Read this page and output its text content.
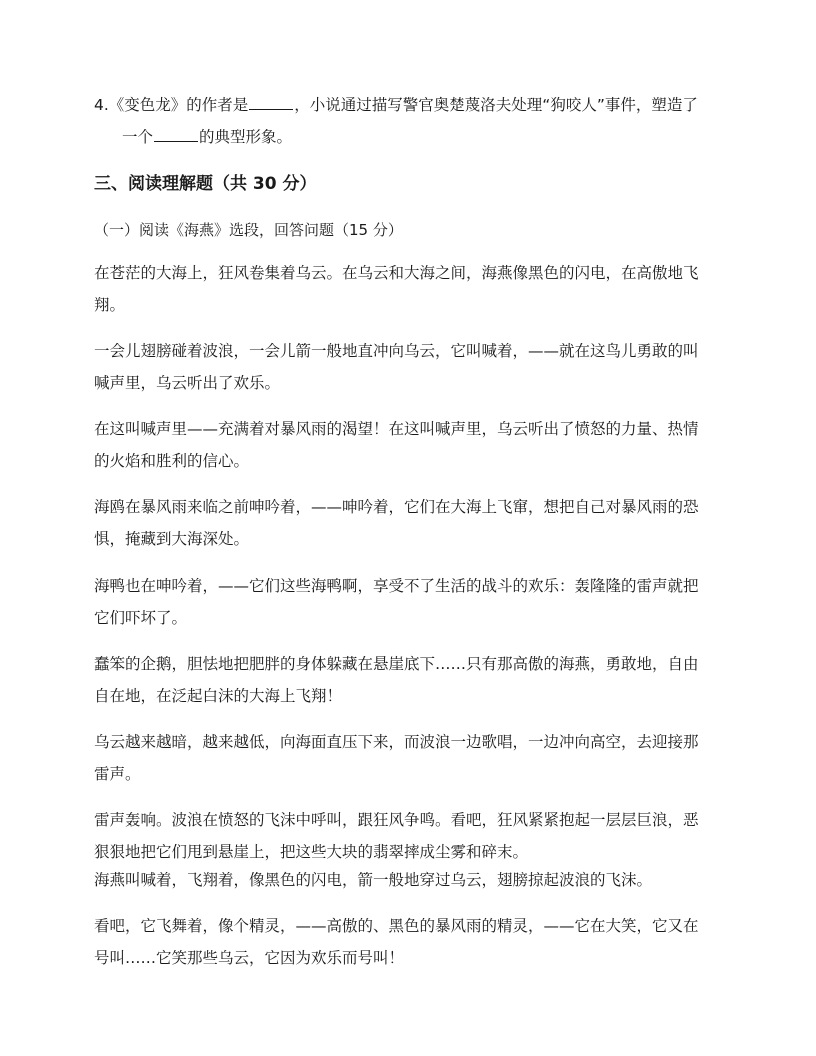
4.《变色龙》的作者是	，小说通过描写警官奥楚蔑洛夫处理“狗咬人”事件，塑造了
一个	的典型形象。
三、阅读理解题（共 30 分）
（一）阅读《海燕》选段，回答问题（15 分）
在苍茫的大海上，狂风卷集着乌云。在乌云和大海之间，海燕像黑色的闪电，在高傲地飞
翔。
一会儿翅膀碰着波浪，一会儿箭一般地直冲向乌云，它叫喊着，——就在这鸟儿勇敢的叫
喊声里，乌云听出了欢乐。
在这叫喊声里——充满着对暴风雨的渴望！在这叫喊声里，乌云听出了愤怒的力量、热情
的火焰和胜利的信心。
海鸥在暴风雨来临之前呻吟着，——呻吟着，它们在大海上飞窜，想把自己对暴风雨的恐
惧，掩藏到大海深处。
海鸭也在呻吟着，——它们这些海鸭啊，享受不了生活的战斗的欢乐：轰隆隆的雷声就把
它们吓坏了。
蠢笨的企鹅，胆怯地把肥胖的身体躲藏在悬崖底下……只有那高傲的海燕，勇敢地，自由
自在地，在泛起白沫的大海上飞翔！
乌云越来越暗，越来越低，向海面直压下来，而波浪一边歌唱，一边冲向高空，去迎接那
雷声。
雷声轰响。波浪在愤怒的飞沫中呼叫，跟狂风争鸣。看吧，狂风紧紧抱起一层层巨浪，恶
狠狠地把它们甩到悬崖上，把这些大块的翡翠摔成尘雾和碎末。
海燕叫喊着，飞翔着，像黑色的闪电，箭一般地穿过乌云，翅膀掠起波浪的飞沫。
看吧，它飞舞着，像个精灵，——高傲的、黑色的暴风雨的精灵，——它在大笑，它又在
号叫……它笑那些乌云，它因为欢乐而号叫！
